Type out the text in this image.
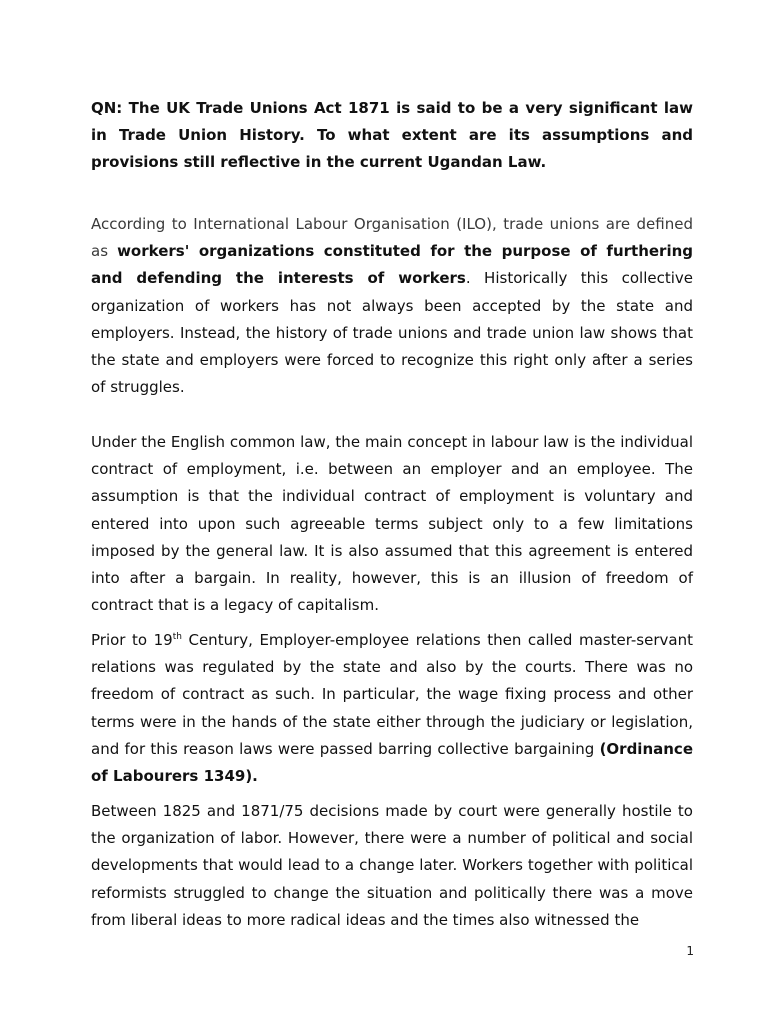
QN: The UK Trade Unions Act 1871 is said to be a very significant law in Trade Union History. To what extent are its assumptions and provisions still reflective in the current Ugandan Law.
According to International Labour Organisation (ILO), trade unions are defined as workers' organizations constituted for the purpose of furthering and defending the interests of workers. Historically this collective organization of workers has not always been accepted by the state and employers. Instead, the history of trade unions and trade union law shows that the state and employers were forced to recognize this right only after a series of struggles.
Under the English common law, the main concept in labour law is the individual contract of employment, i.e. between an employer and an employee. The assumption is that the individual contract of employment is voluntary and entered into upon such agreeable terms subject only to a few limitations imposed by the general law. It is also assumed that this agreement is entered into after a bargain. In reality, however, this is an illusion of freedom of contract that is a legacy of capitalism.
Prior to 19th Century, Employer-employee relations then called master-servant relations was regulated by the state and also by the courts. There was no freedom of contract as such. In particular, the wage fixing process and other terms were in the hands of the state either through the judiciary or legislation, and for this reason laws were passed barring collective bargaining (Ordinance of Labourers 1349).
Between 1825 and 1871/75 decisions made by court were generally hostile to the organization of labor. However, there were a number of political and social developments that would lead to a change later. Workers together with political reformists struggled to change the situation and politically there was a move from liberal ideas to more radical ideas and the times also witnessed the
1
